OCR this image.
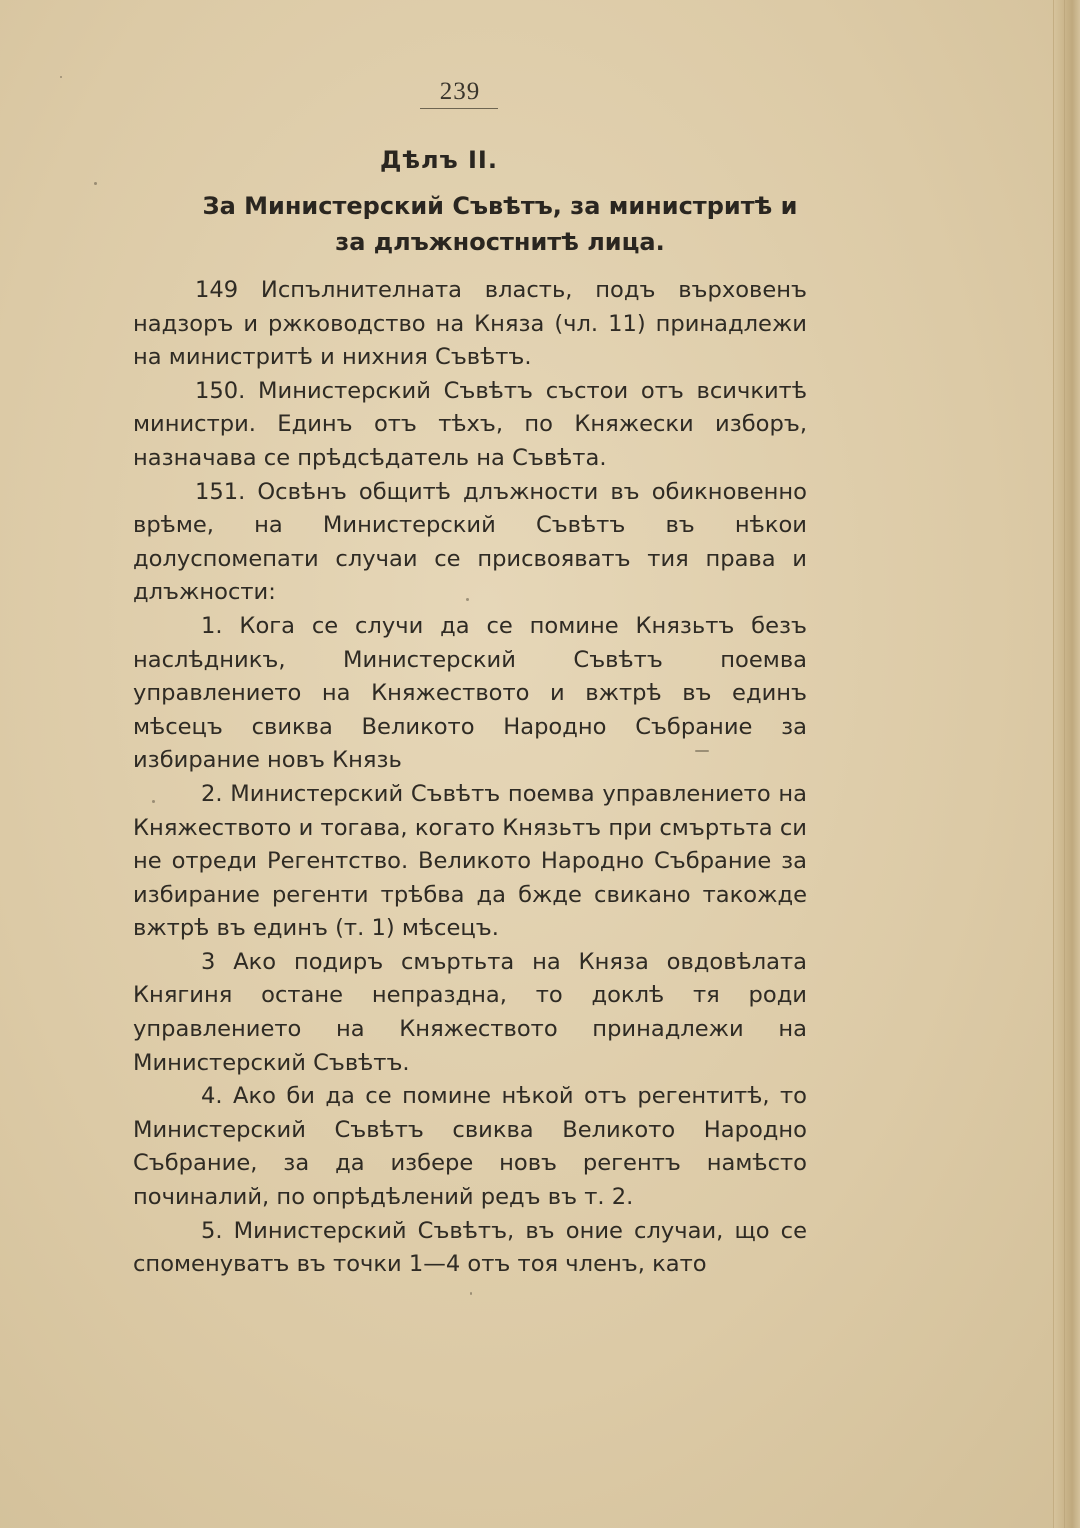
239
Дѣлъ II.
За Министерский Съвѣтъ, за министритѣ и
за длъжностнитѣ лица.

149 Испълнителната власть, подъ върховенъ надзоръ и ржководство на Княза (чл. 11) принадлежи на министритѣ и нихния Съвѣтъ.

150. Министерский Съвѣтъ състои отъ всичкитѣ министри. Единъ отъ тѣхъ, по Княжески изборъ, назначава се прѣдсѣдатель на Съвѣта.

151. Освѣнъ общитѣ длъжности въ обикновенно врѣме, на Министерский Съвѣтъ въ нѣкои долуспомепати случаи се присвояватъ тия права и длъжности:

1. Кога се случи да се помине Князьтъ безъ наслѣдникъ, Министерский Съвѣтъ поемва управлението на Княжеството и вжтрѣ въ единъ мѣсецъ свиква Великото Народно Събрание за избирание новъ Князь

2. Министерский Съвѣтъ поемва управлението на Княжеството и тогава, когато Князьтъ при смъртьта си не отреди Регентство. Великото Народно Събрание за избирание регенти трѣбва да бжде свикано такожде вжтрѣ въ единъ (т. 1) мѣсецъ.

3 Ако подиръ смъртьта на Княза овдовѣлата Княгиня остане непраздна, то доклѣ тя роди управлението на Княжеството принадлежи на Министерский Съвѣтъ.

4. Ако би да се помине нѣкой отъ регентитѣ, то Министерский Съвѣтъ свиква Великото Народно Събрание, за да избере новъ регентъ намѣсто починалий, по опрѣдѣлений редъ въ т. 2.

5. Министерский Съвѣтъ, въ оние случаи, що се споменуватъ въ точки 1—4 отъ тоя членъ, като
